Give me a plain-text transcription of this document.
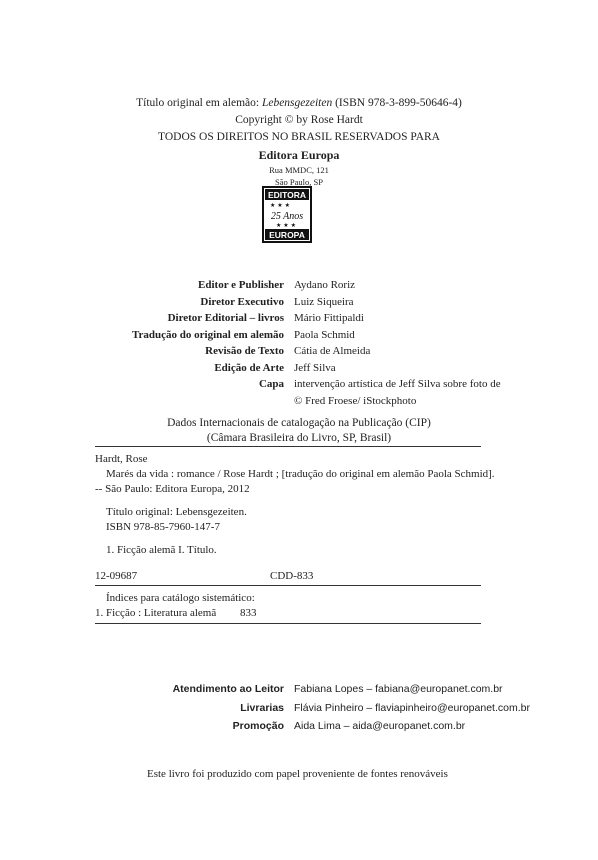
Título original em alemão: Lebensgezeiten (ISBN 978-3-899-50646-4)
Copyright © by Rose Hardt
TODOS OS DIREITOS NO BRASIL RESERVADOS PARA
Editora Europa
Rua MMDC, 121
São Paulo, SP
EDITORA
★ ★ ★
25 Anos
★ ★ ★
EUROPA
Editor e Publisher Aydano Roriz
Diretor Executivo Luiz Siqueira
Diretor Editorial – livros Mário Fittipaldi
Tradução do original em alemão Paola Schmid
Revisão de Texto Cátia de Almeida
Edição de Arte Jeff Silva
Capa intervenção artística de Jeff Silva sobre foto de
© Fred Froese/ iStockphoto
Dados Internacionais de catalogação na Publicação (CIP)
(Câmara Brasileira do Livro, SP, Brasil)
Hardt, Rose
Marés da vida : romance / Rose Hardt ; [tradução do original em alemão Paola Schmid].
-- São Paulo: Editora Europa, 2012
Título original: Lebensgezeiten.
ISBN 978-85-7960-147-7
1. Ficção alemã I. Título.
12-09687	CDD-833
Índices para catálogo sistemático:
1. Ficção : Literatura alemã 833
Atendimento ao Leitor Fabiana Lopes – fabiana@europanet.com.br
Livrarias Flávia Pinheiro – flaviapinheiro@europanet.com.br
Promoção Aida Lima – aida@europanet.com.br
Este livro foi produzido com papel proveniente de fontes renováveis
